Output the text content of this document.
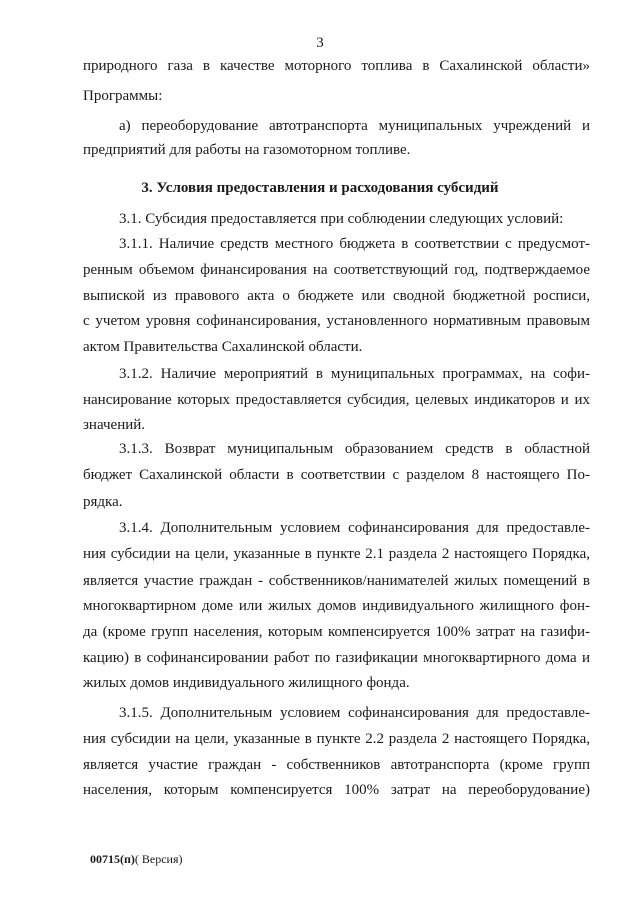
3
природного газа в качестве моторного топлива в Сахалинской области»
Программы:
а) переоборудование автотранспорта муниципальных учреждений и
предприятий для работы на газомоторном топливе.
3. Условия предоставления и расходования субсидий
3.1. Субсидия предоставляется при соблюдении следующих условий:
3.1.1. Наличие средств местного бюджета в соответствии с предусмот-
ренным объемом финансирования на соответствующий год, подтверждаемое
выпиской из правового акта о бюджете или сводной бюджетной росписи,
с учетом уровня софинансирования, установленного нормативным правовым
актом Правительства Сахалинской области.
3.1.2. Наличие мероприятий в муниципальных программах, на софи-
нансирование которых предоставляется субсидия, целевых индикаторов и их
значений.
3.1.3. Возврат муниципальным образованием средств в областной
бюджет Сахалинской области в соответствии с разделом 8 настоящего По-
рядка.
3.1.4. Дополнительным условием софинансирования для предоставле-
ния субсидии на цели, указанные в пункте 2.1 раздела 2 настоящего Порядка,
является участие граждан - собственников/нанимателей жилых помещений в
многоквартирном доме или жилых домов индивидуального жилищного фон-
да (кроме групп населения, которым компенсируется 100% затрат на газифи-
кацию) в софинансировании работ по газификации многоквартирного дома и
жилых домов индивидуального жилищного фонда.
3.1.5. Дополнительным условием софинансирования для предоставле-
ния субсидии на цели, указанные в пункте 2.2 раздела 2 настоящего Порядка,
является участие граждан - собственников автотранспорта (кроме групп
населения, которым компенсируется 100% затрат на переоборудование)
00715(п)( Версия)
